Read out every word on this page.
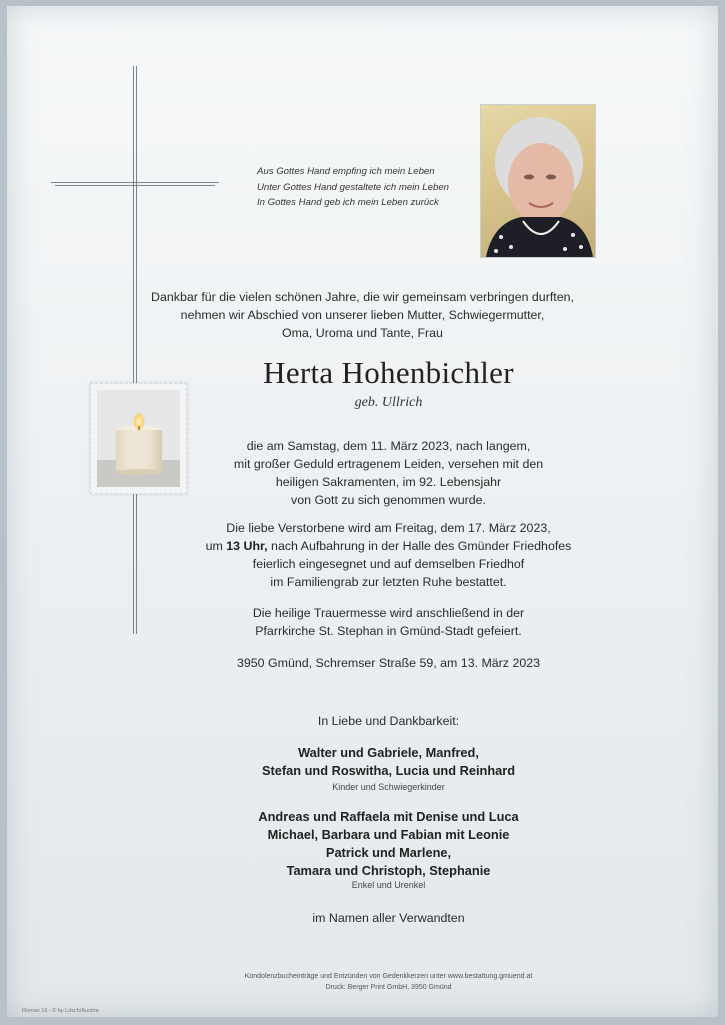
Aus Gottes Hand empfing ich mein Leben
Unter Gottes Hand gestaltete ich mein Leben
In Gottes Hand geb ich mein Leben zurück
Dankbar für die vielen schönen Jahre, die wir gemeinsam verbringen durften,
nehmen wir Abschied von unserer lieben Mutter, Schwiegermutter,
Oma, Uroma und Tante, Frau
Herta Hohenbichler
geb. Ullrich
die am Samstag, dem 11. März 2023, nach langem,
mit großer Geduld ertragenem Leiden, versehen mit den
heiligen Sakramenten, im 92. Lebensjahr
von Gott zu sich genommen wurde.
Die liebe Verstorbene wird am Freitag, dem 17. März 2023,
um 13 Uhr, nach Aufbahrung in der Halle des Gmünder Friedhofes
feierlich eingesegnet und auf demselben Friedhof
im Familiengrab zur letzten Ruhe bestattet.
Die heilige Trauermesse wird anschließend in der
Pfarrkirche St. Stephan in Gmünd-Stadt gefeiert.
3950 Gmünd, Schremser Straße 59, am 13. März 2023
In Liebe und Dankbarkeit:
Walter und Gabriele, Manfred,
Stefan und Roswitha, Lucia und Reinhard
Kinder und Schwiegerkinder
Andreas und Raffaela mit Denise und Luca
Michael, Barbara und Fabian mit Leonie
Patrick und Marlene,
Tamara und Christoph, Stephanie
Enkel und Urenkel
im Namen aller Verwandten
Kondolenzbucheinträge und Entzünden von Gedenkkerzen unter www.bestattung.gmuend.at
Druck: Berger Print GmbH, 3950 Gmünd
Roman 16 - © by Lösch/Austria
